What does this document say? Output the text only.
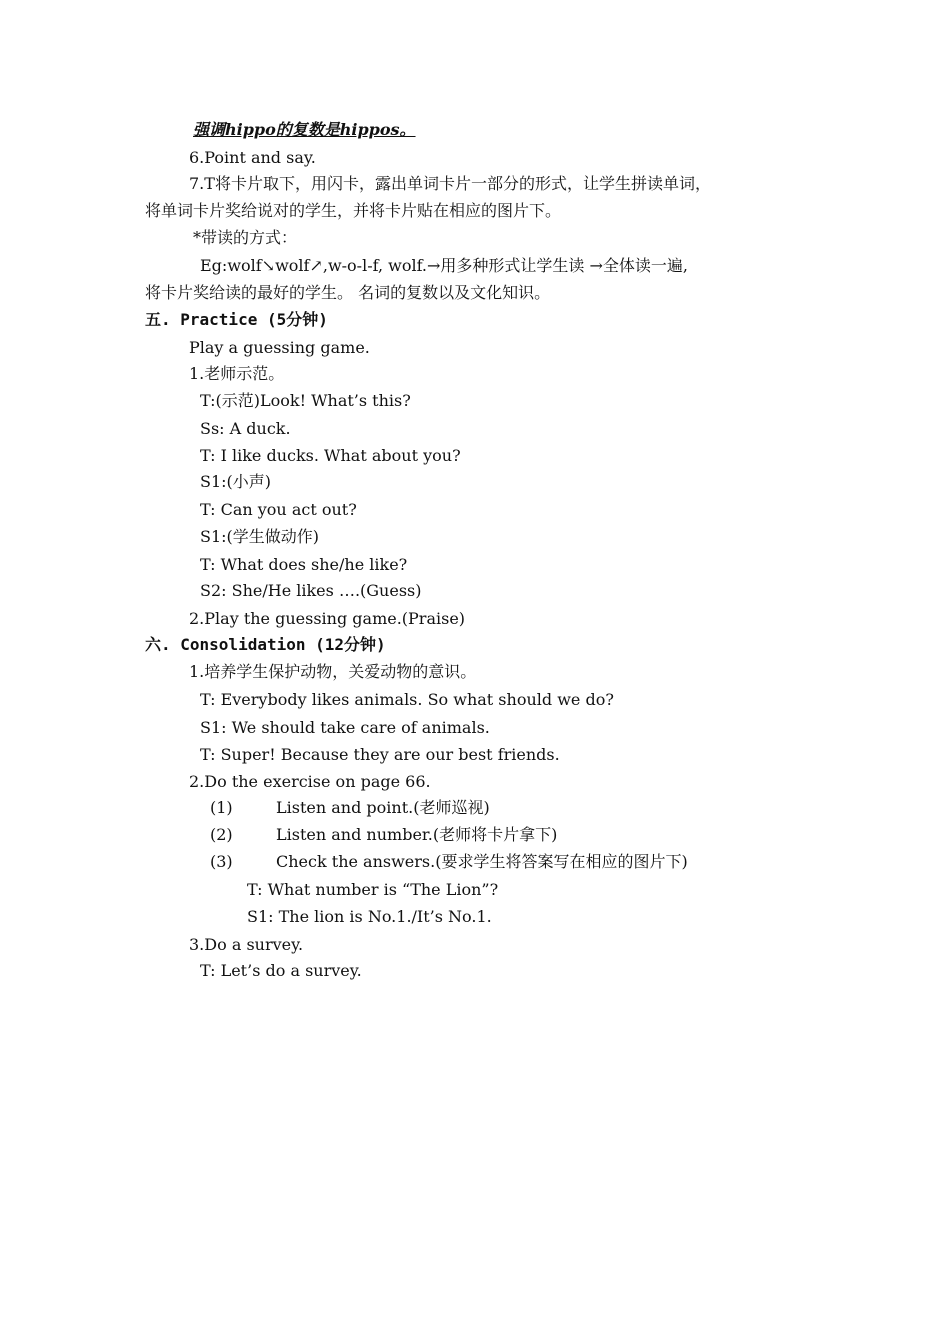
强调hippo的复数是hippos。
6.Point and say.
7.T将卡片取下，用闪卡，露出单词卡片一部分的形式，让学生拼读单词，
将单词卡片奖给说对的学生，并将卡片贴在相应的图片下。
*带读的方式：
Eg:wolf↘wolf↗,w-o-l-f, wolf.→用多种形式让学生读 →全体读一遍,
将卡片奖给读的最好的学生。 名词的复数以及文化知识。
五. Practice (5分钟)
Play a guessing game.
1.老师示范。
T:(示范)Look! What’s this?
Ss: A duck.
T: I like ducks. What about you?
S1:(小声)
T: Can you act out?
S1:(学生做动作)
T: What does she/he like?
S2: She/He likes ….(Guess)
2.Play the guessing game.(Praise)
六. Consolidation (12分钟)
1.培养学生保护动物，关爱动物的意识。
T: Everybody likes animals. So what should we do?
S1: We should take care of animals.
T: Super! Because they are our best friends.
2.Do the exercise on page 66.
(1)	Listen and point.(老师巡视)
(2)	Listen and number.(老师将卡片拿下)
(3)	Check the answers.(要求学生将答案写在相应的图片下)
T: What number is “The Lion”?
S1: The lion is No.1./It’s No.1.
3.Do a survey.
T: Let’s do a survey.
